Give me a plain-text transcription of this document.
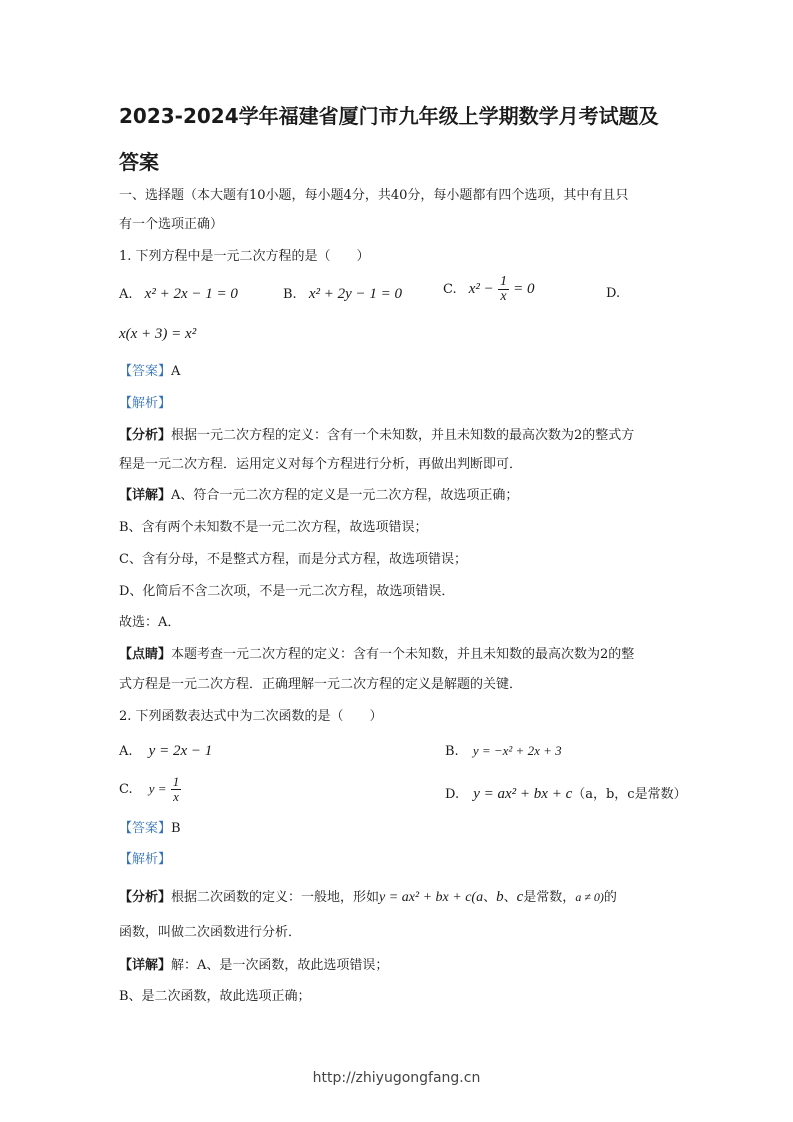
2023-2024学年福建省厦门市九年级上学期数学月考试题及
答案
一、选择题（本大题有10小题，每小题4分，共40分，每小题都有四个选项，其中有且只
有一个选项正确）
1. 下列方程中是一元二次方程的是（　　）
A. x² + 2x − 1 = 0	B. x² + 2y − 1 = 0	C. $x^2 - \frac{1}{x} = 0$	D.
x(x + 3) = x²
【答案】A
【解析】
【分析】根据一元二次方程的定义：含有一个未知数，并且未知数的最高次数为2的整式方
程是一元二次方程．运用定义对每个方程进行分析，再做出判断即可．
【详解】A、符合一元二次方程的定义是一元二次方程，故选项正确；
B、含有两个未知数不是一元二次方程，故选项错误；
C、含有分母，不是整式方程，而是分式方程，故选项错误；
D、化简后不含二次项，不是一元二次方程，故选项错误．
故选：A．
【点睛】本题考查一元二次方程的定义：含有一个未知数，并且未知数的最高次数为2的整
式方程是一元二次方程．正确理解一元二次方程的定义是解题的关键．
2. 下列函数表达式中为二次函数的是（　　）
A. y = 2x − 1	B. y = −x² + 2x + 3
C. $y = \frac{1}{x}$	D. y = ax² + bx + c（a，b，c是常数）
【答案】B
【解析】
【分析】根据二次函数的定义：一般地，形如y = ax² + bx + c(a、b、c是常数，a ≠ 0)的
函数，叫做二次函数进行分析．
【详解】解：A、是一次函数，故此选项错误；
B、是二次函数，故此选项正确；
http://zhiyugongfang.cn
